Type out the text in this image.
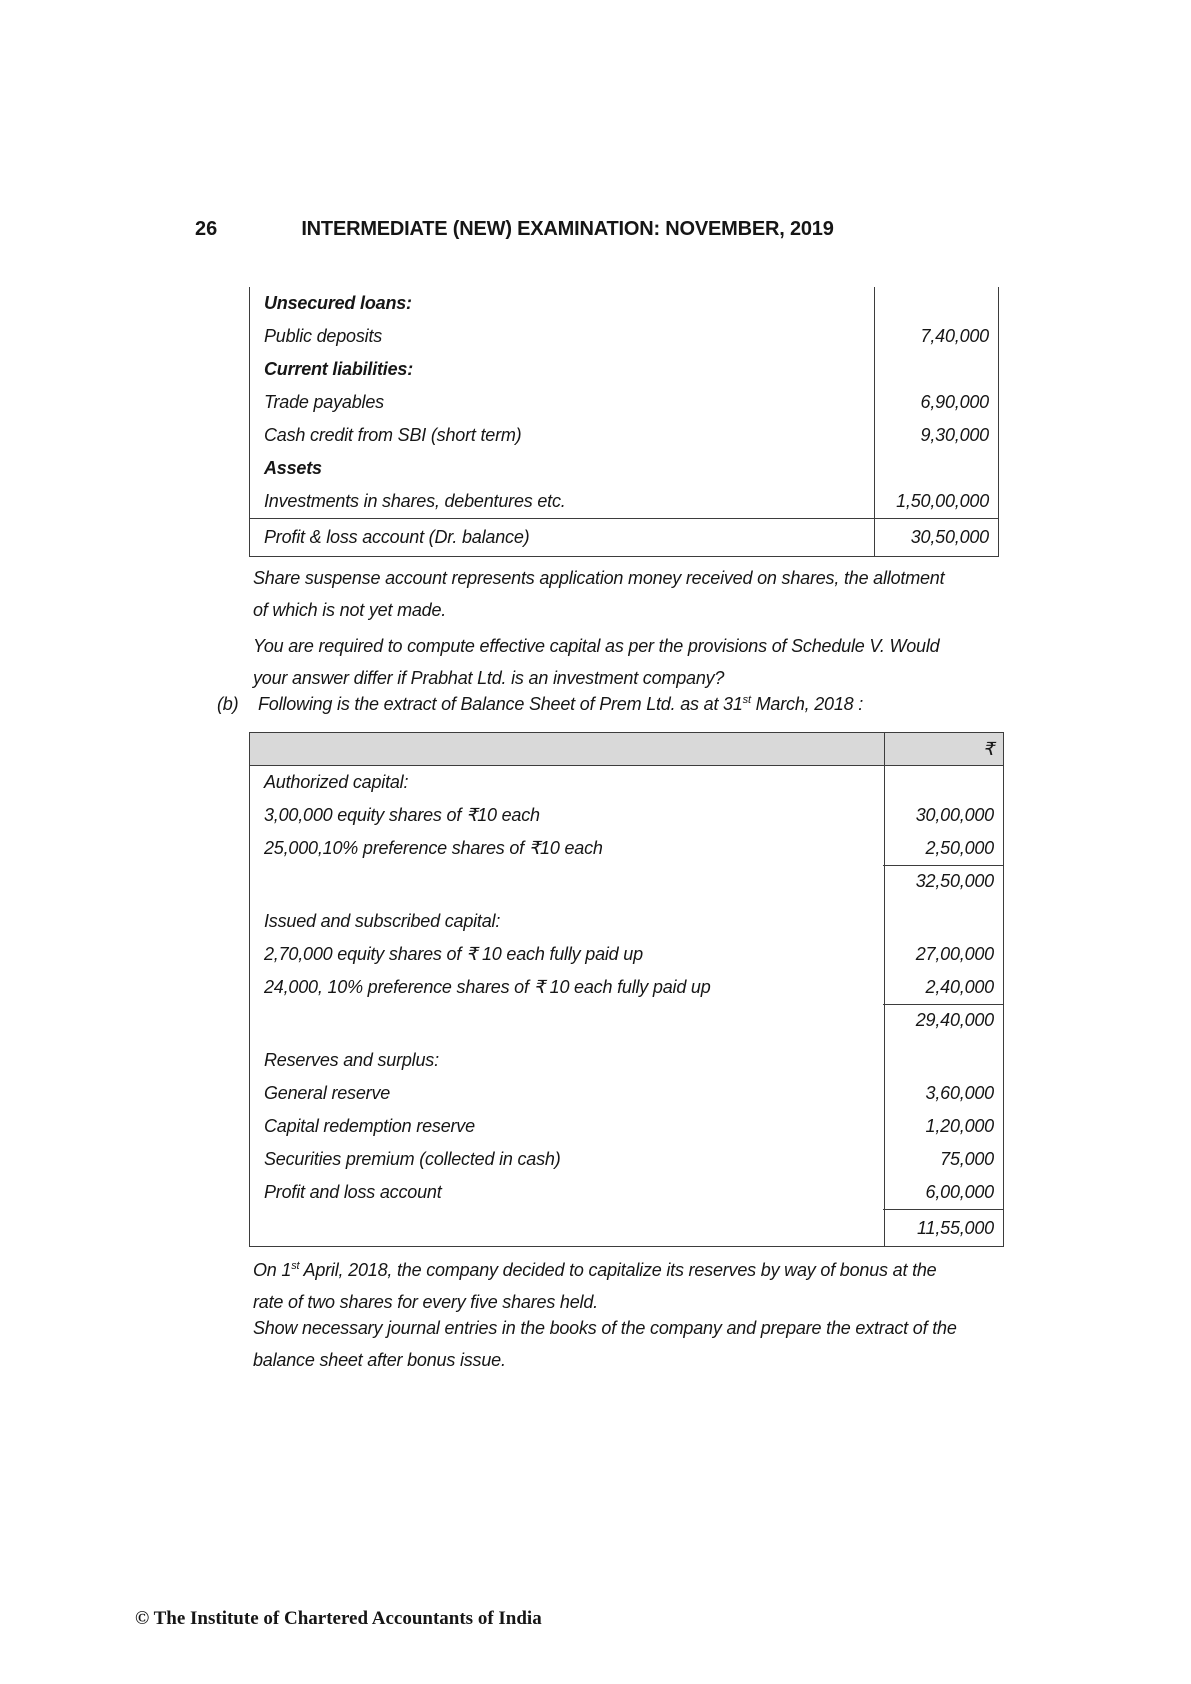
26	INTERMEDIATE (NEW) EXAMINATION: NOVEMBER, 2019
Unsecured loans:
Public deposits	7,40,000
Current liabilities:
Trade payables	6,90,000
Cash credit from SBI (short term)	9,30,000
Assets
Investments in shares, debentures etc.	1,50,00,000
Profit & loss account (Dr. balance)	30,50,000
Share suspense account represents application money received on shares, the allotment
of which is not yet made.
You are required to compute effective capital as per the provisions of Schedule V. Would
your answer differ if Prabhat Ltd. is an investment company?
(b) Following is the extract of Balance Sheet of Prem Ltd. as at 31st March, 2018 :
₹
Authorized capital:
3,00,000 equity shares of ₹10 each	30,00,000
25,000,10% preference shares of ₹10 each	2,50,000
32,50,000
Issued and subscribed capital:
2,70,000 equity shares of ₹ 10 each fully paid up	27,00,000
24,000, 10% preference shares of ₹ 10 each fully paid up	2,40,000
29,40,000
Reserves and surplus:
General reserve	3,60,000
Capital redemption reserve	1,20,000
Securities premium (collected in cash)	75,000
Profit and loss account	6,00,000
11,55,000
On 1st April, 2018, the company decided to capitalize its reserves by way of bonus at the
rate of two shares for every five shares held.
Show necessary journal entries in the books of the company and prepare the extract of the
balance sheet after bonus issue.
© The Institute of Chartered Accountants of India
